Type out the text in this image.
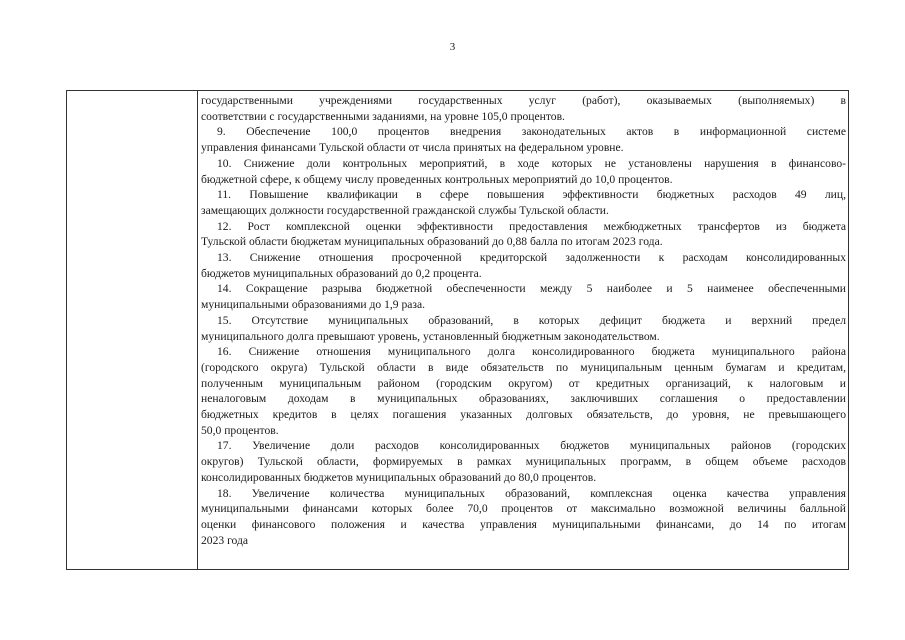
3

государственными учреждениями государственных услуг (работ), оказываемых (выполняемых) в
соответствии с государственными заданиями, на уровне 105,0 процентов.

9. Обеспечение 100,0 процентов внедрения законодательных актов в информационной системе
управления финансами Тульской области от числа принятых на федеральном уровне.

10. Снижение доли контрольных мероприятий, в ходе которых не установлены нарушения в финансово-
бюджетной сфере, к общему числу проведенных контрольных мероприятий до 10,0 процентов.

11. Повышение квалификации в сфере повышения эффективности бюджетных расходов 49 лиц,
замещающих должности государственной гражданской службы Тульской области.

12. Рост комплексной оценки эффективности предоставления межбюджетных трансфертов из бюджета
Тульской области бюджетам муниципальных образований до 0,88 балла по итогам 2023 года.

13. Снижение отношения просроченной кредиторской задолженности к расходам консолидированных
бюджетов муниципальных образований до 0,2 процента.

14. Сокращение разрыва бюджетной обеспеченности между 5 наиболее и 5 наименее обеспеченными
муниципальными образованиями до 1,9 раза.

15. Отсутствие муниципальных образований, в которых дефицит бюджета и верхний предел
муниципального долга превышают уровень, установленный бюджетным законодательством.

16. Снижение отношения муниципального долга консолидированного бюджета муниципального района
(городского округа) Тульской области в виде обязательств по муниципальным ценным бумагам и кредитам,
полученным муниципальным районом (городским округом) от кредитных организаций, к налоговым и
неналоговым доходам в муниципальных образованиях, заключивших соглашения о предоставлении
бюджетных кредитов в целях погашения указанных долговых обязательств, до уровня, не превышающего
50,0 процентов.

17. Увеличение доли расходов консолидированных бюджетов муниципальных районов (городских
округов) Тульской области, формируемых в рамках муниципальных программ, в общем объеме расходов
консолидированных бюджетов муниципальных образований до 80,0 процентов.

18. Увеличение количества муниципальных образований, комплексная оценка качества управления
муниципальными финансами которых более 70,0 процентов от максимально возможной величины балльной
оценки финансового положения и качества управления муниципальными финансами, до 14 по итогам
2023 года
